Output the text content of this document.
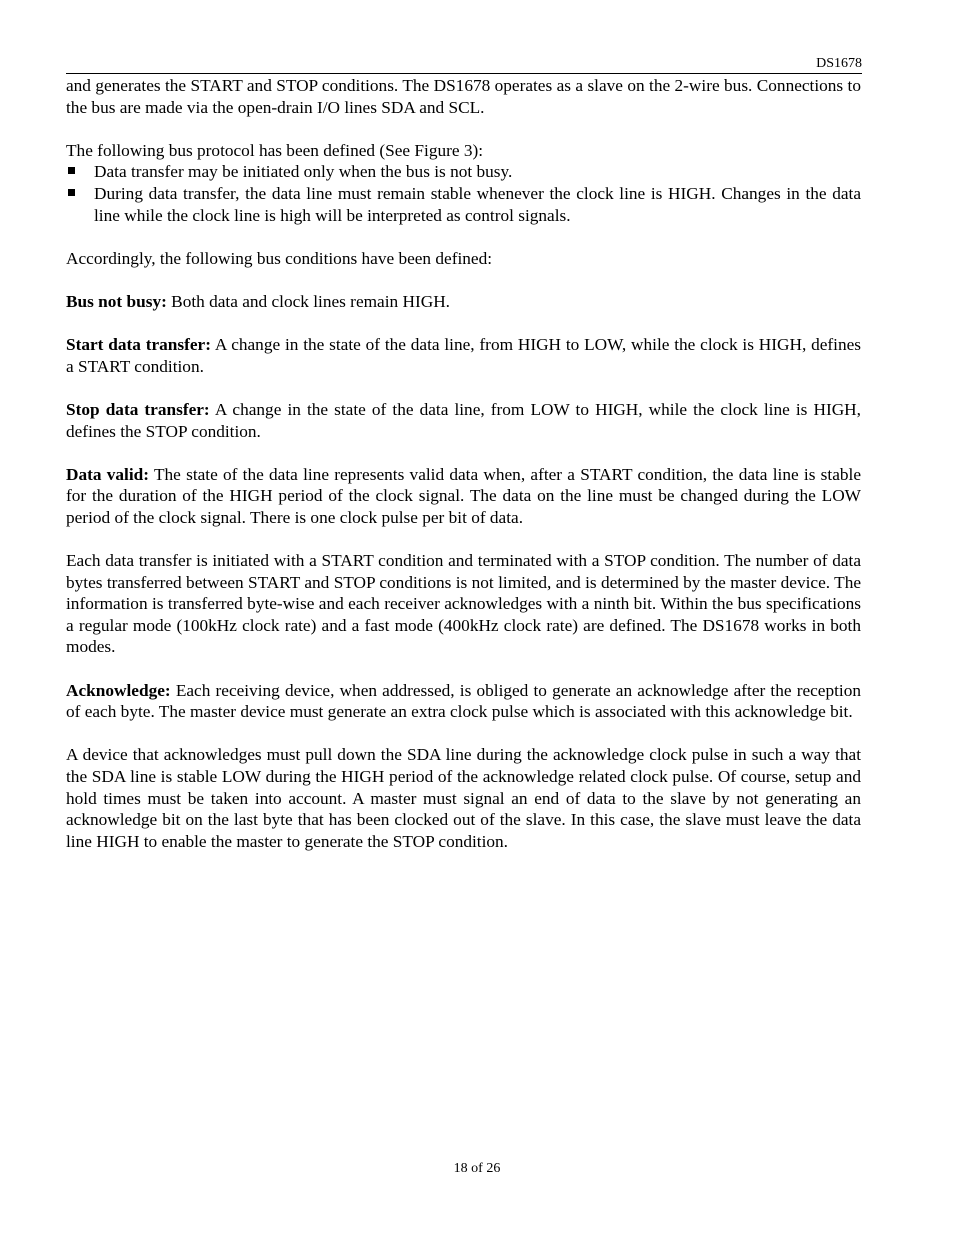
DS1678

and generates the START and STOP conditions. The DS1678 operates as a slave on the 2-wire bus. Connections to the bus are made via the open-drain I/O lines SDA and SCL.

The following bus protocol has been defined (See Figure 3):

Data transfer may be initiated only when the bus is not busy.
During data transfer, the data line must remain stable whenever the clock line is HIGH. Changes in the data line while the clock line is high will be interpreted as control signals.

Accordingly, the following bus conditions have been defined:

Bus not busy: Both data and clock lines remain HIGH.

Start data transfer: A change in the state of the data line, from HIGH to LOW, while the clock is HIGH, defines a START condition.

Stop data transfer: A change in the state of the data line, from LOW to HIGH, while the clock line is HIGH, defines the STOP condition.

Data valid: The state of the data line represents valid data when, after a START condition, the data line is stable for the duration of the HIGH period of the clock signal. The data on the line must be changed during the LOW period of the clock signal. There is one clock pulse per bit of data.

Each data transfer is initiated with a START condition and terminated with a STOP condition. The number of data bytes transferred between START and STOP conditions is not limited, and is determined by the master device. The information is transferred byte-wise and each receiver acknowledges with a ninth bit. Within the bus specifications a regular mode (100kHz clock rate) and a fast mode (400kHz clock rate) are defined. The DS1678 works in both modes.

Acknowledge: Each receiving device, when addressed, is obliged to generate an acknowledge after the reception of each byte. The master device must generate an extra clock pulse which is associated with this acknowledge bit.

A device that acknowledges must pull down the SDA line during the acknowledge clock pulse in such a way that the SDA line is stable LOW during the HIGH period of the acknowledge related clock pulse. Of course, setup and hold times must be taken into account. A master must signal an end of data to the slave by not generating an acknowledge bit on the last byte that has been clocked out of the slave. In this case, the slave must leave the data line HIGH to enable the master to generate the STOP condition.

18 of 26
